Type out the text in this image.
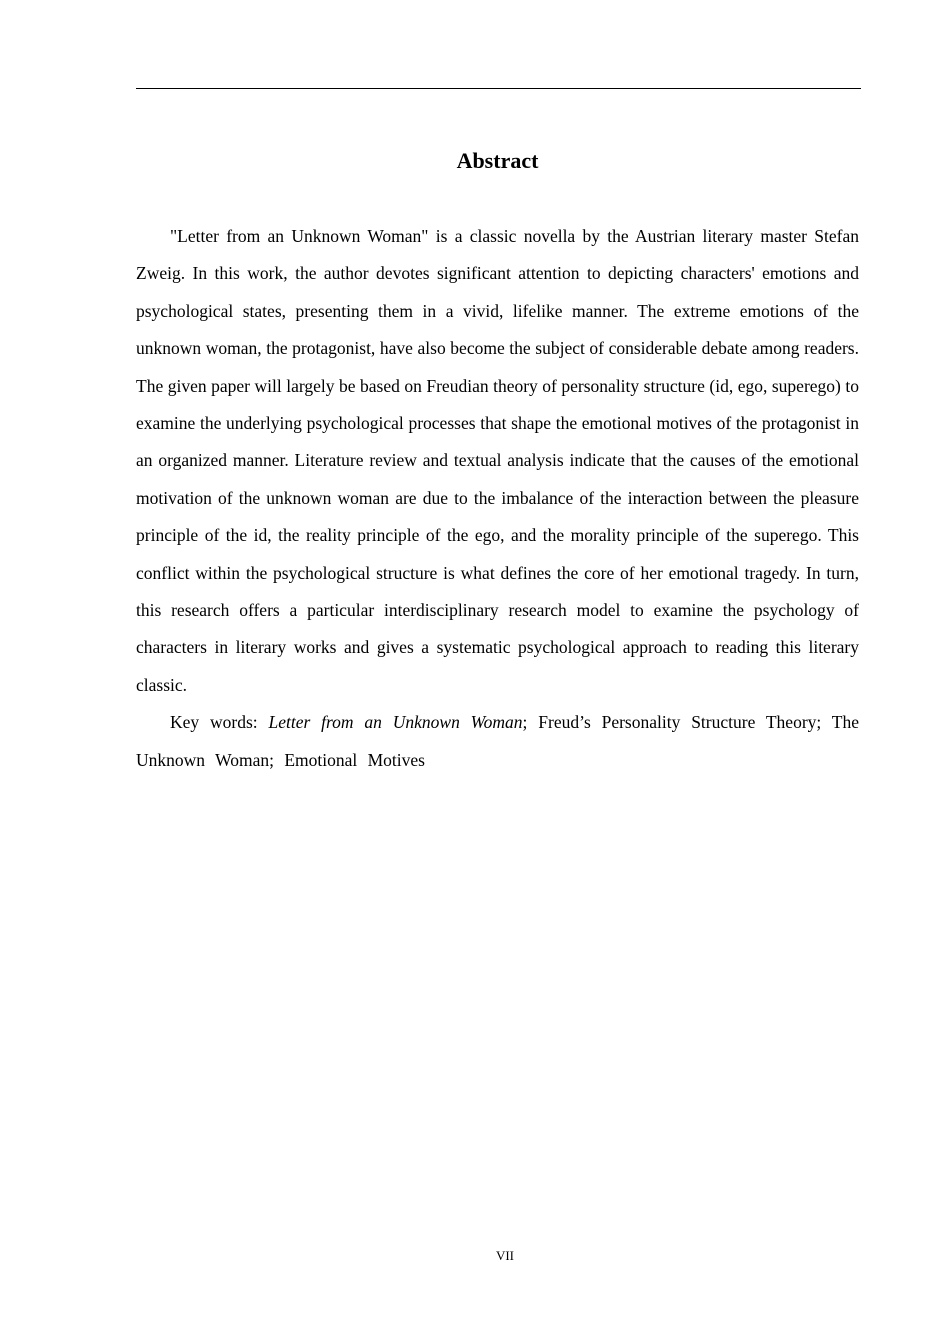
Abstract

"Letter from an Unknown Woman" is a classic novella by the Austrian literary master Stefan Zweig. In this work, the author devotes significant attention to depicting characters' emotions and psychological states, presenting them in a vivid, lifelike manner. The extreme emotions of the unknown woman, the protagonist, have also become the subject of considerable debate among readers. The given paper will largely be based on Freudian theory of personality structure (id, ego, superego) to examine the underlying psychological processes that shape the emotional motives of the protagonist in an organized manner. Literature review and textual analysis indicate that the causes of the emotional motivation of the unknown woman are due to the imbalance of the interaction between the pleasure principle of the id, the reality principle of the ego, and the morality principle of the superego. This conflict within the psychological structure is what defines the core of her emotional tragedy. In turn, this research offers a particular interdisciplinary research model to examine the psychology of characters in literary works and gives a systematic psychological approach to reading this literary classic.

Key words: Letter from an Unknown Woman; Freud’s Personality Structure Theory; The Unknown Woman; Emotional Motives

VII
